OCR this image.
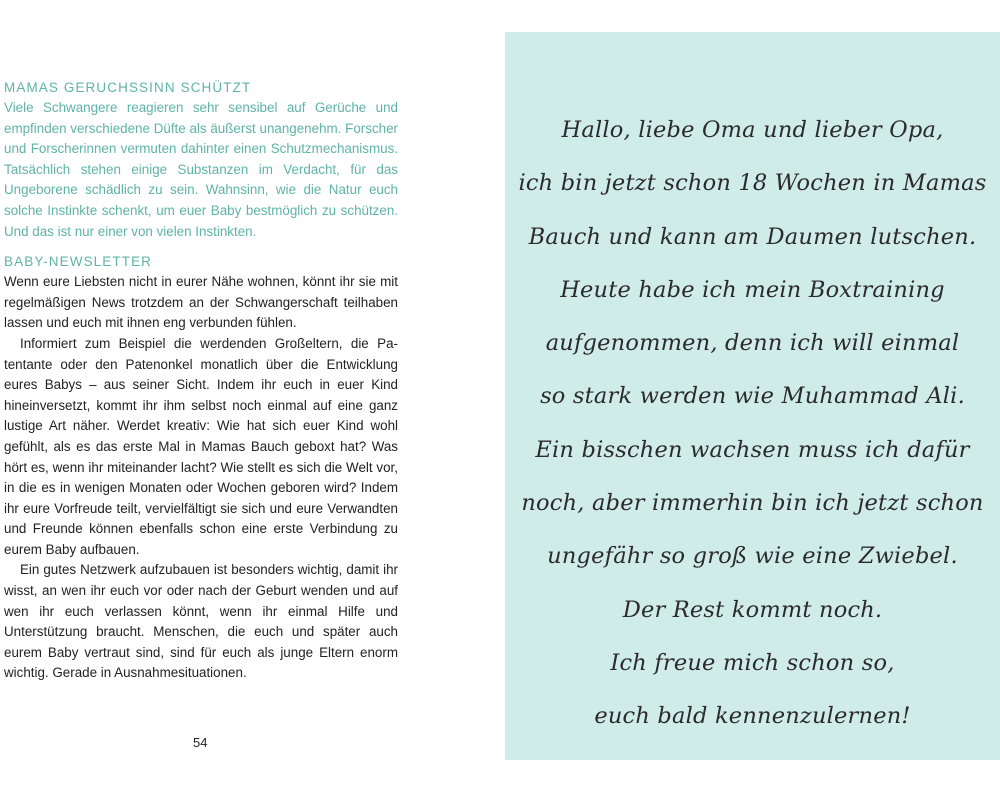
MAMAS GERUCHSSINN SCHÜTZT

Viele Schwangere reagieren sehr sensibel auf Gerüche und empfinden verschiedene Düfte als äußerst unangenehm. Forscher und Forscherinnen vermuten dahinter einen Schutzmechanismus. Tatsächlich stehen einige Substanzen im Verdacht, für das Ungeborene schädlich zu sein. Wahnsinn, wie die Natur euch solche Instinkte schenkt, um euer Baby bestmöglich zu schützen. Und das ist nur einer von vielen Instinkten.

BABY-NEWSLETTER

Wenn eure Liebsten nicht in eurer Nähe wohnen, könnt ihr sie mit regelmäßigen News trotzdem an der Schwangerschaft teilhaben lassen und euch mit ihnen eng verbunden fühlen.

Informiert zum Beispiel die werdenden Großeltern, die Patentante oder den Patenonkel monatlich über die Entwicklung eures Babys – aus seiner Sicht. Indem ihr euch in euer Kind hineinversetzt, kommt ihr ihm selbst noch einmal auf eine ganz lustige Art näher. Werdet kreativ: Wie hat sich euer Kind wohl gefühlt, als es das erste Mal in Mamas Bauch geboxt hat? Was hört es, wenn ihr miteinander lacht? Wie stellt es sich die Welt vor, in die es in wenigen Monaten oder Wochen geboren wird? Indem ihr eure Vorfreude teilt, vervielfältigt sie sich und eure Verwandten und Freunde können ebenfalls schon eine erste Verbindung zu eurem Baby aufbauen.

Ein gutes Netzwerk aufzubauen ist besonders wichtig, damit ihr wisst, an wen ihr euch vor oder nach der Geburt wenden und auf wen ihr euch verlassen könnt, wenn ihr einmal Hilfe und Unterstützung braucht. Menschen, die euch und später auch eurem Baby vertraut sind, sind für euch als junge Eltern enorm wichtig. Gerade in Ausnahmesituationen.

54
Hallo, liebe Oma und lieber Opa,
ich bin jetzt schon 18 Wochen in Mamas
Bauch und kann am Daumen lutschen.
Heute habe ich mein Boxtraining
aufgenommen, denn ich will einmal
so stark werden wie Muhammad Ali.
Ein bisschen wachsen muss ich dafür
noch, aber immerhin bin ich jetzt schon
ungefähr so groß wie eine Zwiebel.
Der Rest kommt noch.
Ich freue mich schon so,
euch bald kennenzulernen!
